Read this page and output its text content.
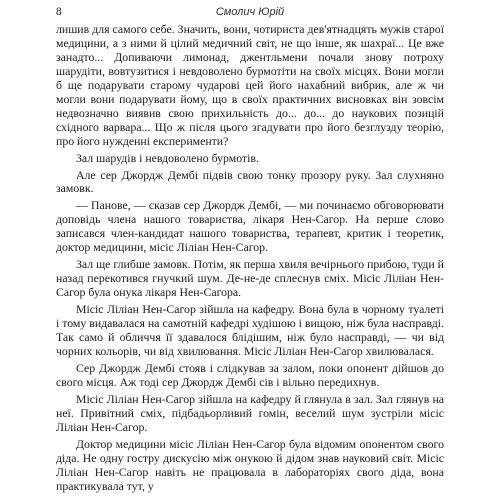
8	Смолич Юрій

лишив для самого себе. Значить, вони, чотириста дев'ятнадцять мужів старої медицини, а з ними й цілий медичний світ, не що інше, як шахраї... Це вже занадто... Допиваючи лимонад, джентльмени почали знову потроху шарудіти, вовтузитися і невдоволено бурмотіти на своїх місцях. Вони могли б ще подарувати старому чударові цей його нахабний вибрик, але ж чи могли вони подарувати йому, що в своїх практичних висновках він зовсім недвозначно виявив свою прихильність до... до... до наукових позицій східного варвара... Що ж після цього згадувати про його безглузду теорію, про його нужденні експерименти?

Зал шарудів і невдоволено бурмотів.

Але сер Джордж Дембі підвів свою тонку прозору руку. Зал слухняно замовк.

— Панове, — сказав сер Джордж Дембі, — ми починаємо обговорювати доповідь члена нашого товариства, лікаря Нен-Сагор. На перше слово записався член-кандидат нашого товариства, терапевт, критик і теоретик, доктор медицини, місіс Ліліан Нен-Сагор.

Зал ще глибше замовк. Потім, як перша хвиля вечірнього прибою, туди й назад перекотився гнучкий шум. Де-не-де сплеснув сміх. Місіс Ліліан Нен-Сагор була онука лікаря Нен-Сагора.

Місіс Ліліан Нен-Сагор зійшла на кафедру. Вона була в чорному туалеті і тому видавалася на самотній кафедрі худішою і вищою, ніж була насправді. Так само й обличчя її здавалося блідішим, ніж було насправді, — чи від чорних кольорів, чи від хвилювання. Місіс Ліліан Нен-Сагор хвилювалася.

Сер Джордж Дембі стояв і слідкував за залом, поки опонент дійшов до свого місця. Аж тоді сер Джордж Дембі сів і вільно передихнув.

Місіс Ліліан Нен-Сагор зійшла на кафедру й глянула в зал. Зал глянув на неї. Привітний сміх, підбадьорливий гомін, веселий шум зустріли місіс Ліліан Нен-Сагор.

Доктор медицини місіс Ліліан Нен-Сагор була відомим опонентом свого діда. Не одну гостру дискусію між онукою й дідом знав науковий світ. Місіс Ліліан Нен-Сагор навіть не працювала в лабораторіях свого діда, вона практикувала тут, у
